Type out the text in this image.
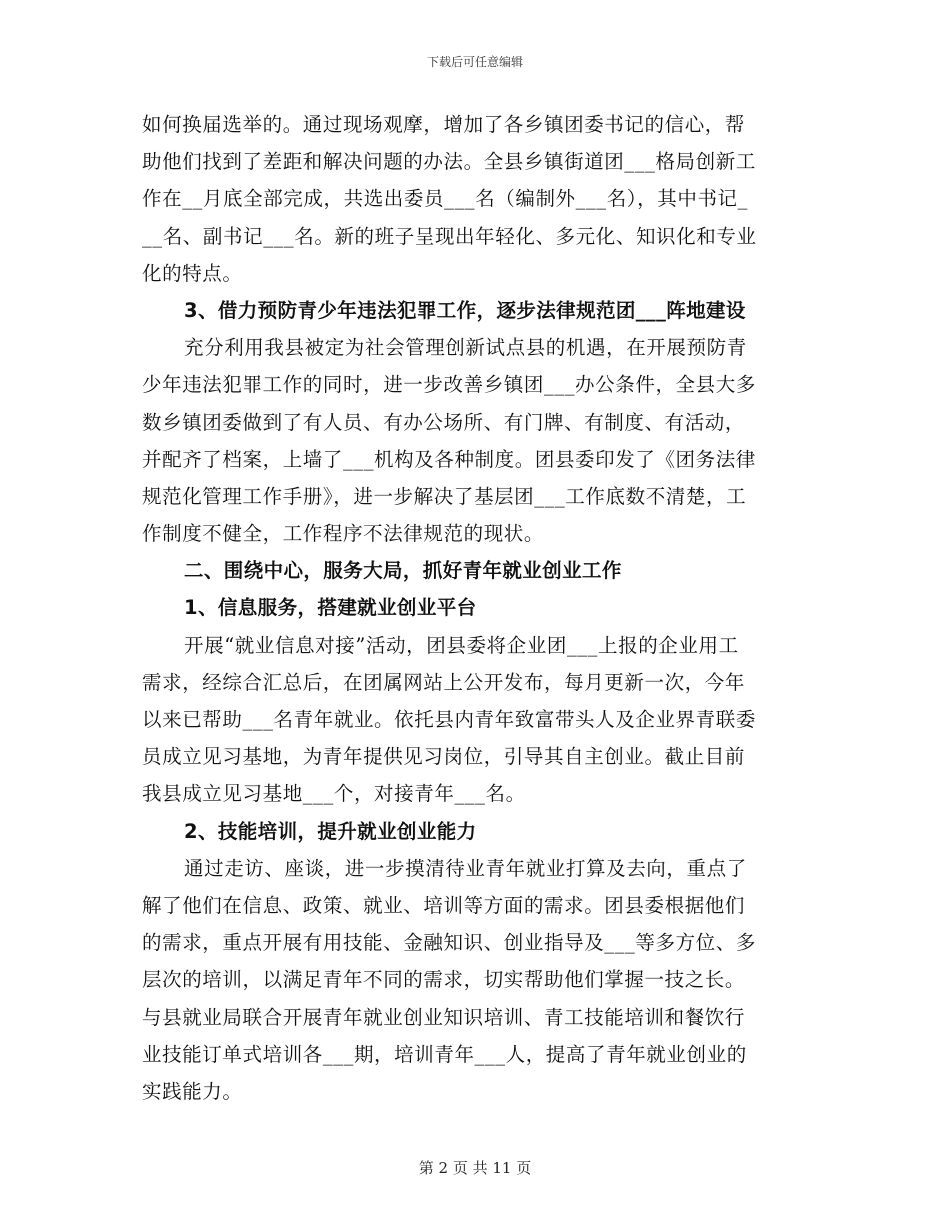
下载后可任意编辑
如何换届选举的。通过现场观摩，增加了各乡镇团委书记的信心，帮
助他们找到了差距和解决问题的办法。全县乡镇街道团___格局创新工
作在__月底全部完成，共选出委员___名（编制外___名），其中书记_
__名、副书记___名。新的班子呈现出年轻化、多元化、知识化和专业
化的特点。
3、借力预防青少年违法犯罪工作，逐步法律规范团___阵地建设
充分利用我县被定为社会管理创新试点县的机遇，在开展预防青
少年违法犯罪工作的同时，进一步改善乡镇团___办公条件，全县大多
数乡镇团委做到了有人员、有办公场所、有门牌、有制度、有活动，
并配齐了档案，上墙了___机构及各种制度。团县委印发了《团务法律
规范化管理工作手册》，进一步解决了基层团___工作底数不清楚，工
作制度不健全，工作程序不法律规范的现状。
二、围绕中心，服务大局，抓好青年就业创业工作
1、信息服务，搭建就业创业平台
开展“就业信息对接”活动，团县委将企业团___上报的企业用工
需求，经综合汇总后，在团属网站上公开发布，每月更新一次，今年
以来已帮助___名青年就业。依托县内青年致富带头人及企业界青联委
员成立见习基地，为青年提供见习岗位，引导其自主创业。截止目前
我县成立见习基地___个，对接青年___名。
2、技能培训，提升就业创业能力
通过走访、座谈，进一步摸清待业青年就业打算及去向，重点了
解了他们在信息、政策、就业、培训等方面的需求。团县委根据他们
的需求，重点开展有用技能、金融知识、创业指导及___等多方位、多
层次的培训，以满足青年不同的需求，切实帮助他们掌握一技之长。
与县就业局联合开展青年就业创业知识培训、青工技能培训和餐饮行
业技能订单式培训各___期，培训青年___人，提高了青年就业创业的
实践能力。
第 2 页 共 11 页
